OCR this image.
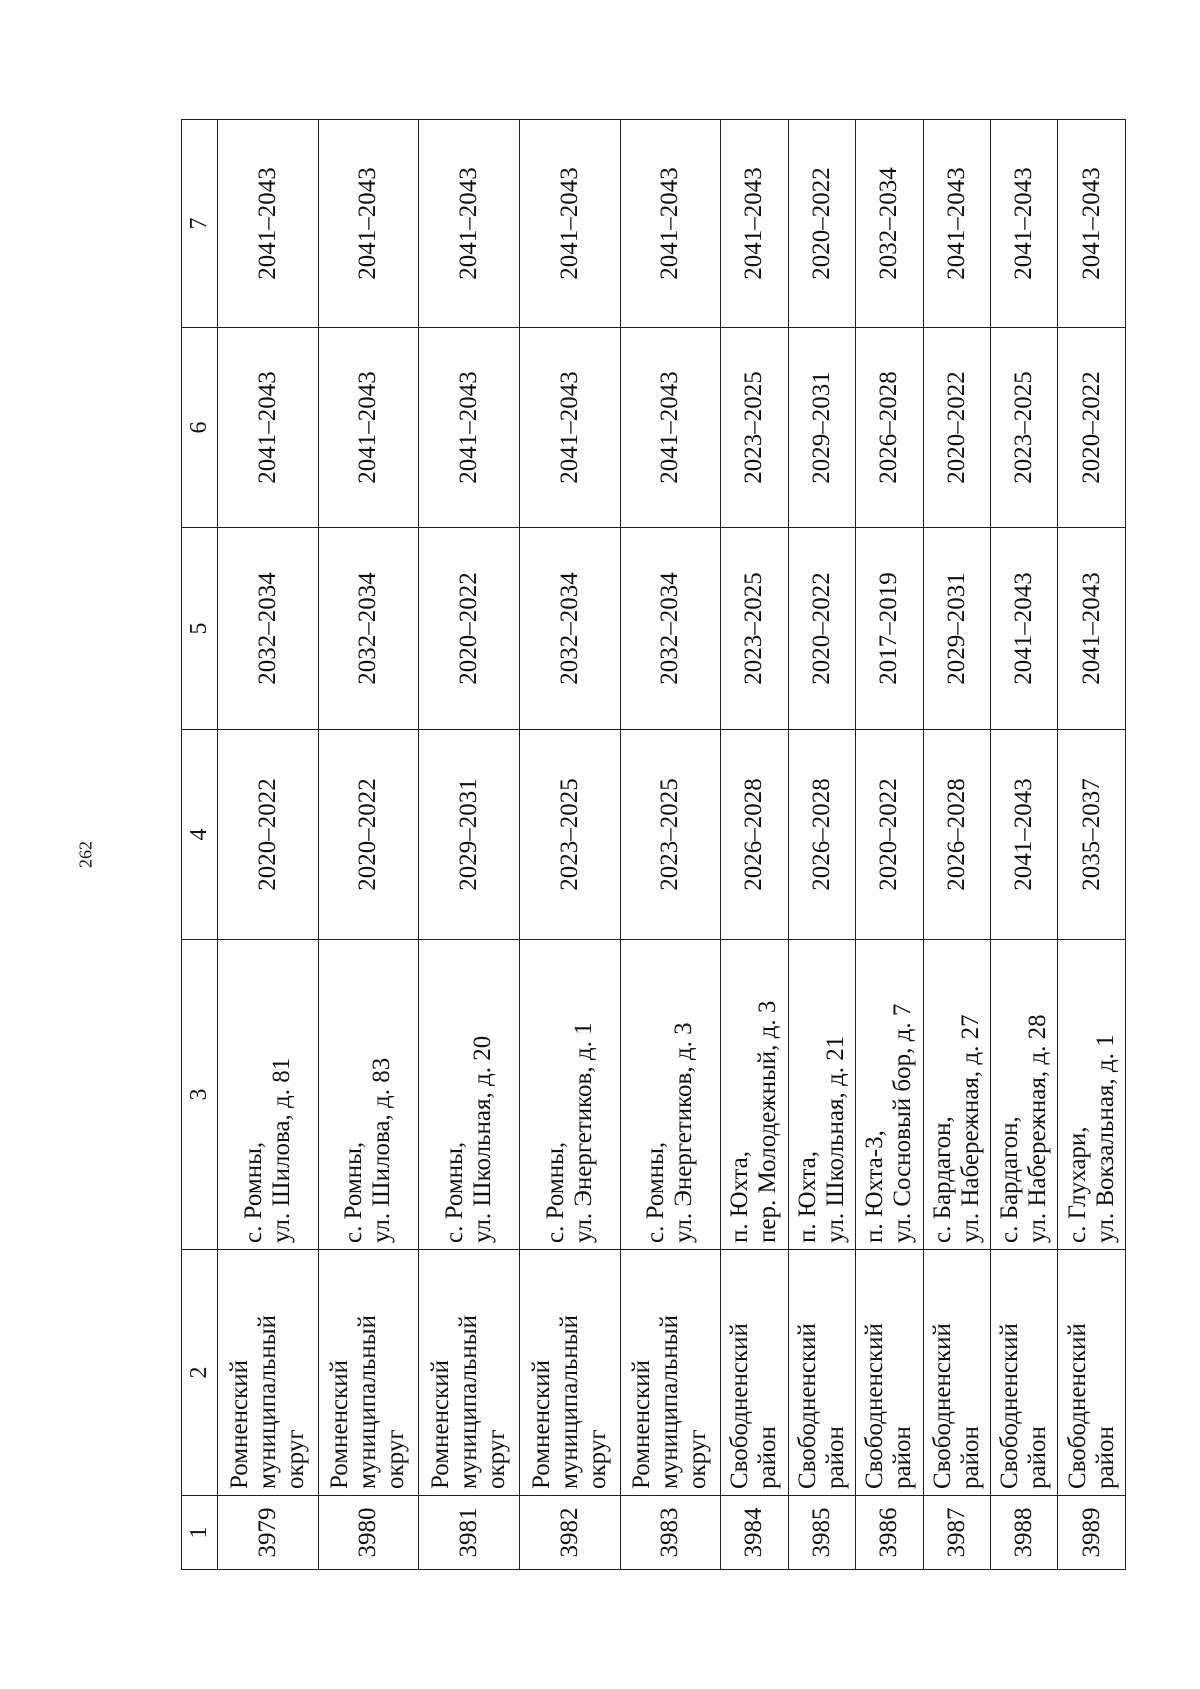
262
1	2	3	4	5	6	7
3979	Ромненский муниципальный округ	с. Ромны, ул. Шилова, д. 81	2020–2022	2032–2034	2041–2043	2041–2043
3980	Ромненский муниципальный округ	с. Ромны, ул. Шилова, д. 83	2020–2022	2032–2034	2041–2043	2041–2043
3981	Ромненский муниципальный округ	с. Ромны, ул. Школьная, д. 20	2029–2031	2020–2022	2041–2043	2041–2043
3982	Ромненский муниципальный округ	с. Ромны, ул. Энергетиков, д. 1	2023–2025	2032–2034	2041–2043	2041–2043
3983	Ромненский муниципальный округ	с. Ромны, ул. Энергетиков, д. 3	2023–2025	2032–2034	2041–2043	2041–2043
3984	Свободненский район	п. Юхта, пер. Молодежный, д. 3	2026–2028	2023–2025	2023–2025	2041–2043
3985	Свободненский район	п. Юхта, ул. Школьная, д. 21	2026–2028	2020–2022	2029–2031	2020–2022
3986	Свободненский район	п. Юхта-3, ул. Сосновый бор, д. 7	2020–2022	2017–2019	2026–2028	2032–2034
3987	Свободненский район	с. Бардагон, ул. Набережная, д. 27	2026–2028	2029–2031	2020–2022	2041–2043
3988	Свободненский район	с. Бардагон, ул. Набережная, д. 28	2041–2043	2041–2043	2023–2025	2041–2043
3989	Свободненский район	с. Глухари, ул. Вокзальная, д. 1	2035–2037	2041–2043	2020–2022	2041–2043
